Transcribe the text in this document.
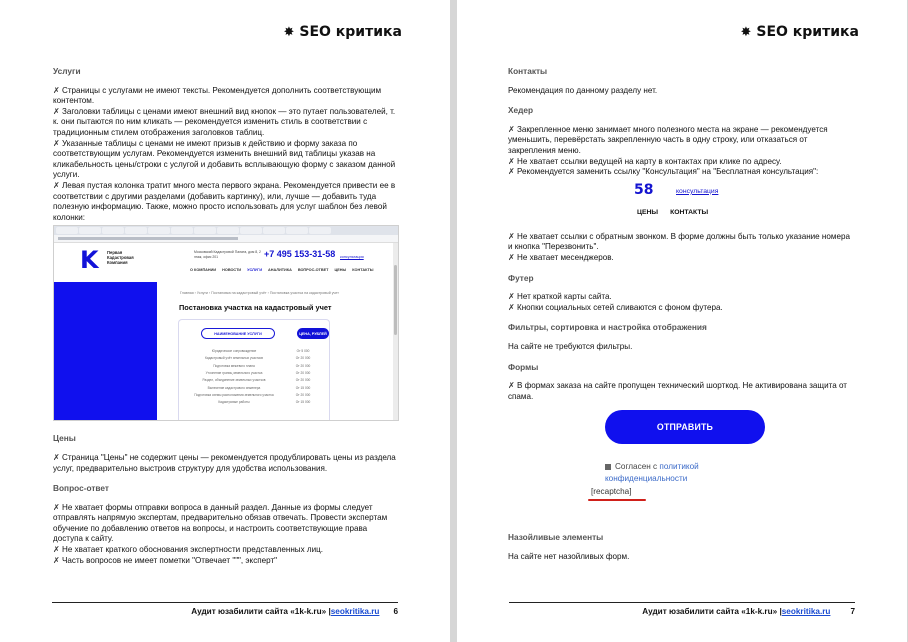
✸ SEO критика
Услуги
✗ Страницы с услугами не имеют тексты. Рекомендуется дополнить соответствующим контентом.
✗ Заголовки таблицы с ценами имеют внешний вид кнопок — это путает пользователей, т. к. они пытаются по ним кликать — рекомендуется изменить стиль в соответствии с традиционным стилем отображения заголовков таблиц.
✗ Указанные таблицы с ценами не имеют призыв к действию и форму заказа по соответствующим услугам. Рекомендуется изменить внешний вид таблицы указав на кликабельность цены/строки с услугой и добавить всплывающую форму с заказом данной услуги.
✗ Левая пустая колонка тратит много места первого экрана. Рекомендуется привести ее в соответствии с другими разделами (добавить картинку), или, лучше — добавить туда полезную информацию. Также, можно просто использовать для услуг шаблон без левой колонки:
K Первая
Кадастровая
Компания
Московский Кадастровой Палата, дом 8, 2 этаж, офис 201	+7 495 153-31-58 консультация
О КОМПАНИИ НОВОСТИ УСЛУГИ АНАЛИТИКА ВОПРОС-ОТВЕТ ЦЕНЫ КОНТАКТЫ
Главная › Услуги › Постановка на кадастровый учёт › Постановка участка на кадастровый учет
Постановка участка на кадастровый учет
НАИМЕНОВАНИЕ УСЛУГИ	ЦЕНА, РУБЛЕЙ
Юридическое сопровождение	От 5 000
Кадастровый учёт земельных участков	От 20 000
Подготовка межевого плана	От 20 000
Уточнение границ земельного участка	От 20 000
Раздел, объединение земельных участков	От 20 000
Вынесение кадастрового инженера	От 15 000
Подготовка схемы расположения земельного участка	От 20 000
Кадастровые работы	От 15 000
Цены
✗ Страница "Цены" не содержит цены — рекомендуется продублировать цены из раздела услуг, предварительно выстроив структуру для удобства использования.
Вопрос-ответ
✗ Не хватает формы отправки вопроса в данный раздел. Данные из формы следует отправлять напрямую экспертам, предварительно обязав отвечать. Провести экспертам обучение по добавлению ответов на вопросы, и настроить соответствующие права доступа к сайту.
✗ Не хватает краткого обоснования экспертности представленных лиц.
✗ Часть вопросов не имеет пометки "Отвечает """, эксперт"
Аудит юзабилити сайта «1k-k.ru» | seokritika.ru 6
✸ SEO критика
Контакты
Рекомендация по данному разделу нет.
Хедер
✗ Закрепленное меню занимает много полезного места на экране — рекомендуется уменьшить, перевёрстать закрепленную часть в одну строку, или отказаться от закрепления меню.
✗ Не хватает ссылки ведущей на карту в контактах при клике по адресу.
✗ Рекомендуется заменить ссылку "Консультация" на "Бесплатная консультация":
58	консультация
ЦЕНЫ КОНТАКТЫ
✗ Не хватает ссылки с обратным звонком. В форме должны быть только указание номера и кнопка "Перезвонить".
✗ Не хватает месенджеров.
Футер
✗ Нет краткой карты сайта.
✗ Кнопки социальных сетей сливаются с фоном футера.
Фильтры, сортировка и настройка отображения
На сайте не требуются фильтры.
Формы
✗ В формах заказа на сайте пропущен технический шорткод. Не активирована защита от спама.
ОТПРАВИТЬ
Согласен с политикой конфиденциальности
[recaptcha]
Назойливые элементы
На сайте нет назойливых форм.
Аудит юзабилити сайта «1k-k.ru» | seokritika.ru 7
